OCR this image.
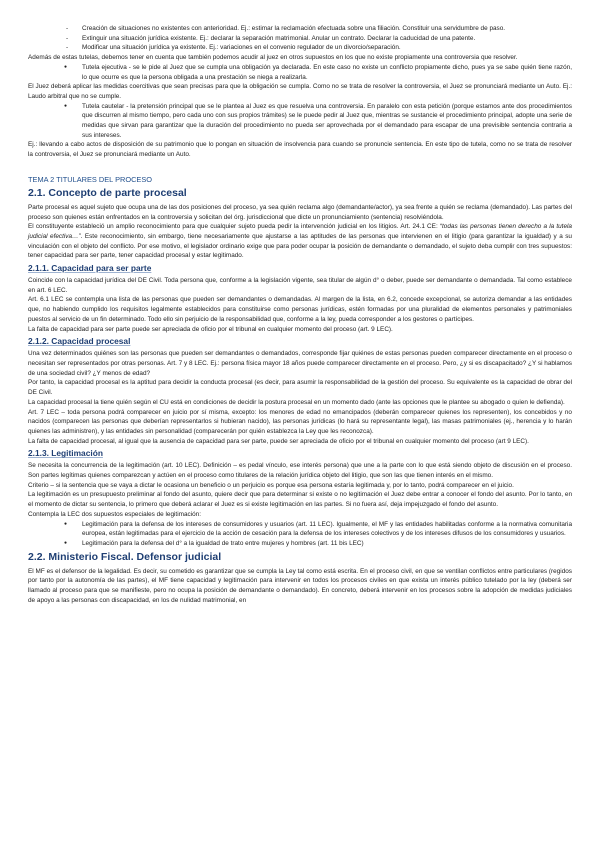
- Creación de situaciones no existentes con anterioridad. Ej.: estimar la reclamación efectuada sobre una filiación. Constituir una servidumbre de paso.
- Extinguir una situación jurídica existente. Ej.: declarar la separación matrimonial. Anular un contrato. Declarar la caducidad de una patente.
- Modificar una situación jurídica ya existente. Ej.: variaciones en el convenio regulador de un divorcio/separación.

Además de estas tutelas, debemos tener en cuenta que también podemos acudir al juez en otros supuestos en los que no existe propiamente una controversia que resolver.

● Tutela ejecutiva - se le pide al Juez que se cumpla una obligación ya declarada. En este caso no existe un conflicto propiamente dicho, pues ya se sabe quién tiene razón, lo que ocurre es que la persona obligada a una prestación se niega a realizarla.

El Juez deberá aplicar las medidas coercitivas que sean precisas para que la obligación se cumpla. Como no se trata de resolver la controversia, el Juez se pronunciará mediante un Auto. Ej.: Laudo arbitral que no se cumple.

● Tutela cautelar - la pretensión principal que se le plantea al Juez es que resuelva una controversia. En paralelo con esta petición (porque estamos ante dos procedimientos que discurren al mismo tiempo, pero cada uno con sus propios trámites) se le puede pedir al Juez que, mientras se sustancie el procedimiento principal, adopte una serie de medidas que sirvan para garantizar que la duración del procedimiento no pueda ser aprovechada por el demandado para escapar de una previsible sentencia contraria a sus intereses.

Ej.: llevando a cabo actos de disposición de su patrimonio que lo pongan en situación de insolvencia para cuando se pronuncie sentencia. En este tipo de tutela, como no se trata de resolver la controversia, el Juez se pronunciará mediante un Auto.

TEMA 2 TITULARES DEL PROCESO
2.1. Concepto de parte procesal

Parte procesal es aquel sujeto que ocupa una de las dos posiciones del proceso, ya sea quién reclama algo (demandante/actor), ya sea frente a quién se reclama (demandado). Las partes del proceso son quienes están enfrentados en la controversia y solicitan del órg. jurisdiccional que dicte un pronunciamiento (sentencia) resolviéndola.

El constituyente estableció un amplio reconocimiento para que cualquier sujeto pueda pedir la intervención judicial en los litigios. Art. 24.1 CE: “todas las personas tienen derecho a la tutela judicial efectiva…”. Este reconocimiento, sin embargo, tiene necesariamente que ajustarse a las aptitudes de las personas que intervienen en el litigio (para garantizar la igualdad) y a su vinculación con el objeto del conflicto. Por ese motivo, el legislador ordinario exige que para poder ocupar la posición de demandante o demandado, el sujeto deba cumplir con tres supuestos: tener capacidad para ser parte, tener capacidad procesal y estar legitimado.

2.1.1. Capacidad para ser parte

Coincide con la capacidad jurídica del DE Civil. Toda persona que, conforme a la legislación vigente, sea titular de algún d° o deber, puede ser demandante o demandada. Tal como establece en art. 6 LEC.

Art. 6.1 LEC se contempla una lista de las personas que pueden ser demandantes o demandadas. Al margen de la lista, en 6.2, concede excepcional, se autoriza demandar a las entidades que, no habiendo cumplido los requisitos legalmente establecidos para constituirse como personas jurídicas, estén formadas por una pluralidad de elementos personales y patrimoniales puestos al servicio de un fin determinado. Todo ello sin perjuicio de la responsabilidad que, conforme a la ley, pueda corresponder a los gestores o partícipes.

La falta de capacidad para ser parte puede ser apreciada de oficio por el tribunal en cualquier momento del proceso (art. 9 LEC).

2.1.2. Capacidad procesal

Una vez determinados quiénes son las personas que pueden ser demandantes o demandados, corresponde fijar quiénes de estas personas pueden comparecer directamente en el proceso o necesitan ser representados por otras personas. Art. 7 y 8 LEC. Ej.: persona física mayor 18 años puede comparecer directamente en el proceso. Pero, ¿y si es discapacitado? ¿Y si hablamos de una sociedad civil? ¿Y menos de edad?

Por tanto, la capacidad procesal es la aptitud para decidir la conducta procesal (es decir, para asumir la responsabilidad de la gestión del proceso. Su equivalente es la capacidad de obrar del DE Civil.

La capacidad procesal la tiene quién según el CU está en condiciones de decidir la postura procesal en un momento dado (ante las opciones que le plantee su abogado o quien le defienda).

Art. 7 LEC – toda persona podrá comparecer en juicio por sí misma, excepto: los menores de edad no emancipados (deberán comparecer quienes los representen), los concebidos y no nacidos (comparecen las personas que deberían representarlos si hubieran nacido), las personas jurídicas (lo hará su representante legal), las masas patrimoniales (ej., herencia y lo harán quienes las administren), y las entidades sin personalidad (comparecerán por quién establezca la Ley que les reconozca).

La falta de capacidad procesal, al igual que la ausencia de capacidad para ser parte, puede ser apreciada de oficio por el tribunal en cualquier momento del proceso (art 9 LEC).

2.1.3. Legitimación

Se necesita la concurrencia de la legitimación (art. 10 LEC). Definición – es pedal vínculo, ese interés persona) que une a la parte con lo que está siendo objeto de discusión en el proceso. Son partes legítimas quienes comparezcan y actúen en el proceso como titulares de la relación jurídica objeto del litigio, que son las que tienen interés en el mismo.

Criterio – si la sentencia que se vaya a dictar le ocasiona un beneficio o un perjuicio es porque esa persona estaría legitimada y, por lo tanto, podrá comparecer en el juicio.

La legitimación es un presupuesto preliminar al fondo del asunto, quiere decir que para determinar si existe o no legitimación el Juez debe entrar a conocer el fondo del asunto. Por lo tanto, en el momento de dictar su sentencia, lo primero que deberá aclarar el Juez es si existe legitimación en las partes. Si no fuera así, deja impejuzgado el fondo del asunto.

Contempla la LEC dos supuestos especiales de legitimación:

● Legitimación para la defensa de los intereses de consumidores y usuarios (art. 11 LEC). Igualmente, el MF y las entidades habilitadas conforme a la normativa comunitaria europea, están legitimadas para el ejercicio de la acción de cesación para la defensa de los intereses colectivos y de los intereses difusos de los consumidores y usuarios.
● Legitimación para la defensa del d° a la igualdad de trato entre mujeres y hombres (art. 11 bis LEC)
2.2. Ministerio Fiscal. Defensor judicial

El MF es el defensor de la legalidad. Es decir, su cometido es garantizar que se cumpla la Ley tal como está escrita. En el proceso civil, en que se ventilan conflictos entre particulares (regidos por tanto por la autonomía de las partes), el MF tiene capacidad y legitimación para intervenir en todos los procesos civiles en que exista un interés público tutelado por la ley (deberá ser llamado al proceso para que se manifieste, pero no ocupa la posición de demandante o demandado). En concreto, deberá intervenir en los procesos sobre la adopción de medidas judiciales de apoyo a las personas con discapacidad, en los de nulidad matrimonial, en
